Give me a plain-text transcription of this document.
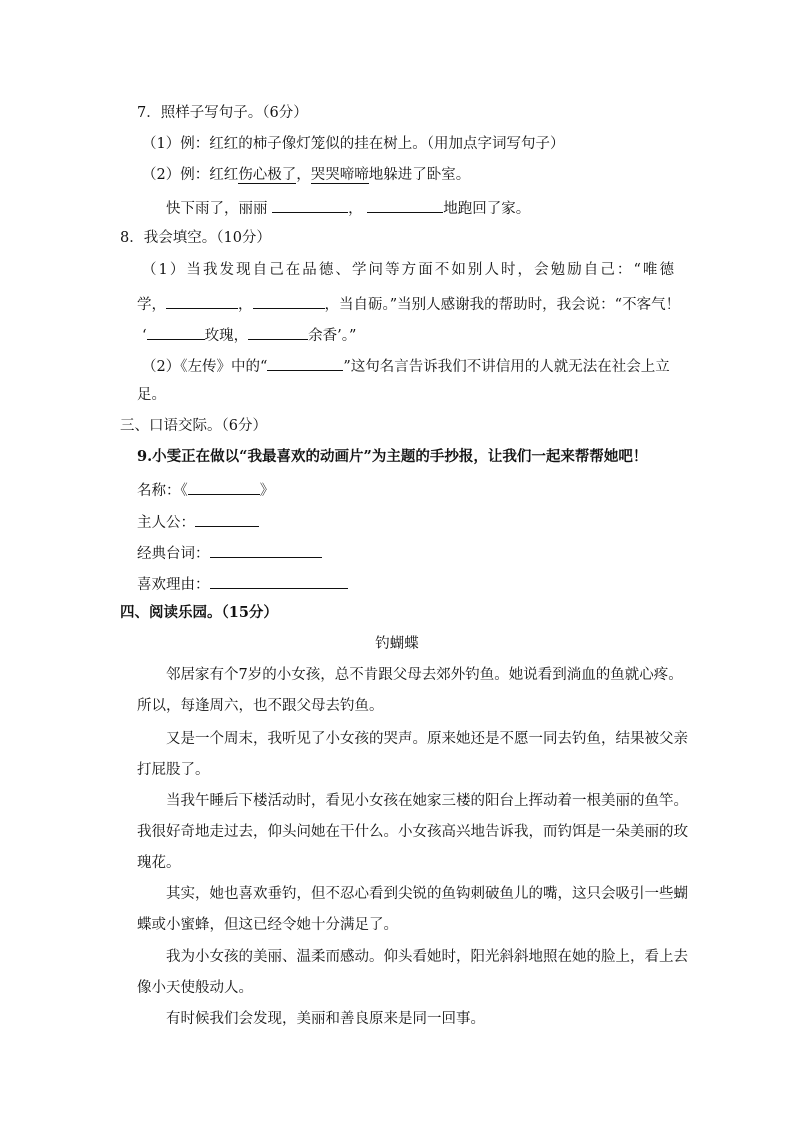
7．照样子写句子。（6分）
（1）例：红红的柿子像灯笼似的挂在树上。（用加点字词写句子）
（2）例：红红伤心极了，哭哭啼啼地躲进了卧室。
快下雨了，丽丽	，	地跑回了家。
8．我会填空。（10分）
（1）当我发现自己在品德、学问等方面不如别人时，会勉励自己：“唯德
学，	，	，当自砺。”当别人感谢我的帮助时，我会说：“不客气！
‘	玫瑰，	余香’。”
（2）《左传》中的“	”这句名言告诉我们不讲信用的人就无法在社会上立
足。
三、口语交际。（6分）
9.小雯正在做以“我最喜欢的动画片”为主题的手抄报，让我们一起来帮帮她吧！
名称：《	》
主人公：
经典台词：
喜欢理由：
四、阅读乐园。（15分）
钓蝴蝶
邻居家有个7岁的小女孩，总不肯跟父母去郊外钓鱼。她说看到淌血的鱼就心疼。
所以，每逢周六，也不跟父母去钓鱼。
又是一个周末，我听见了小女孩的哭声。原来她还是不愿一同去钓鱼，结果被父亲
打屁股了。
当我午睡后下楼活动时，看见小女孩在她家三楼的阳台上挥动着一根美丽的鱼竿。
我很好奇地走过去，仰头问她在干什么。小女孩高兴地告诉我，而钓饵是一朵美丽的玫
瑰花。
其实，她也喜欢垂钓，但不忍心看到尖锐的鱼钩刺破鱼儿的嘴，这只会吸引一些蝴
蝶或小蜜蜂，但这已经令她十分满足了。
我为小女孩的美丽、温柔而感动。仰头看她时，阳光斜斜地照在她的脸上，看上去
像小天使般动人。
有时候我们会发现，美丽和善良原来是同一回事。
